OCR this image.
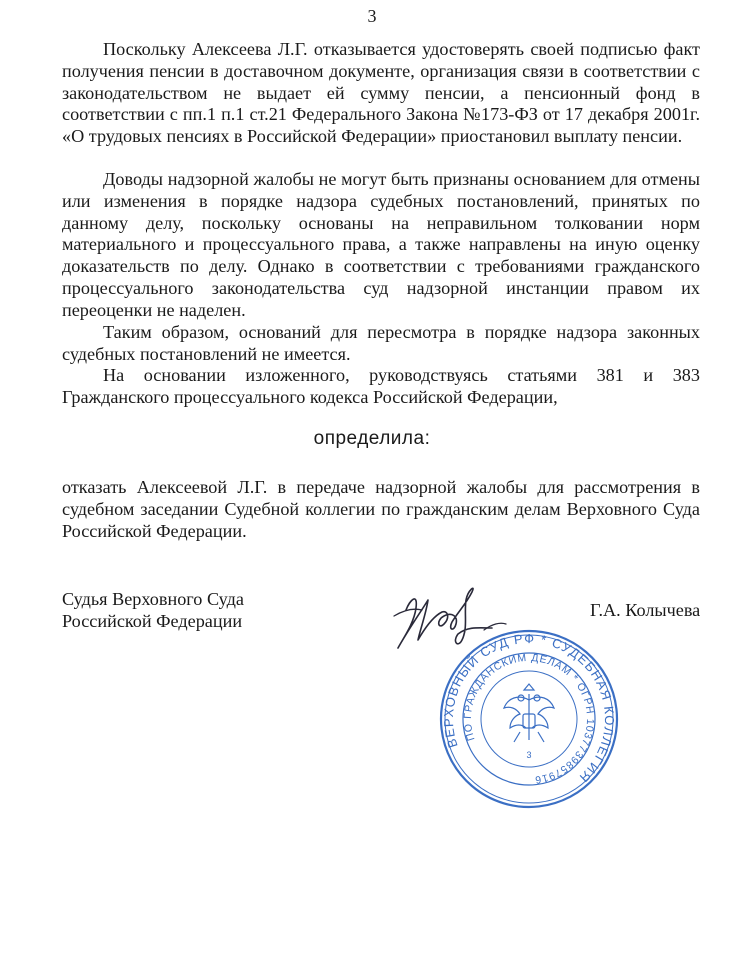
3

Поскольку Алексеева Л.Г. отказывается удостоверять своей подписью факт получения пенсии в доставочном документе, организация связи в соответствии с законодательством не выдает ей сумму пенсии, а пенсионный фонд в соответствии с пп.1 п.1 ст.21 Федерального Закона №173-ФЗ от 17 декабря 2001г. «О трудовых пенсиях в Российской Федерации» приостановил выплату пенсии.

Доводы надзорной жалобы не могут быть признаны основанием для отмены или изменения в порядке надзора судебных постановлений, принятых по данному делу, поскольку основаны на неправильном толковании норм материального и процессуального права, а также направлены на иную оценку доказательств по делу. Однако в соответствии с требованиями гражданского процессуального законодательства суд надзорной инстанции правом их переоценки не наделен.

Таким образом, оснований для пересмотра в порядке надзора законных судебных постановлений не имеется.

На основании изложенного, руководствуясь статьями 381 и 383 Гражданского процессуального кодекса Российской Федерации,

определила:

отказать Алексеевой Л.Г. в передаче надзорной жалобы для рассмотрения в судебном заседании Судебной коллегии по гражданским делам Верховного Суда Российской Федерации.

Судья Верховного Суда
Российской Федерации
Г.А. Колычева
ВЕРХОВНЫЙ СУД РФ * СУДЕБНАЯ КОЛЛЕГИЯ
ПО ГРАЖДАНСКИМ ДЕЛАМ * ОГРН 1037739857916
3
